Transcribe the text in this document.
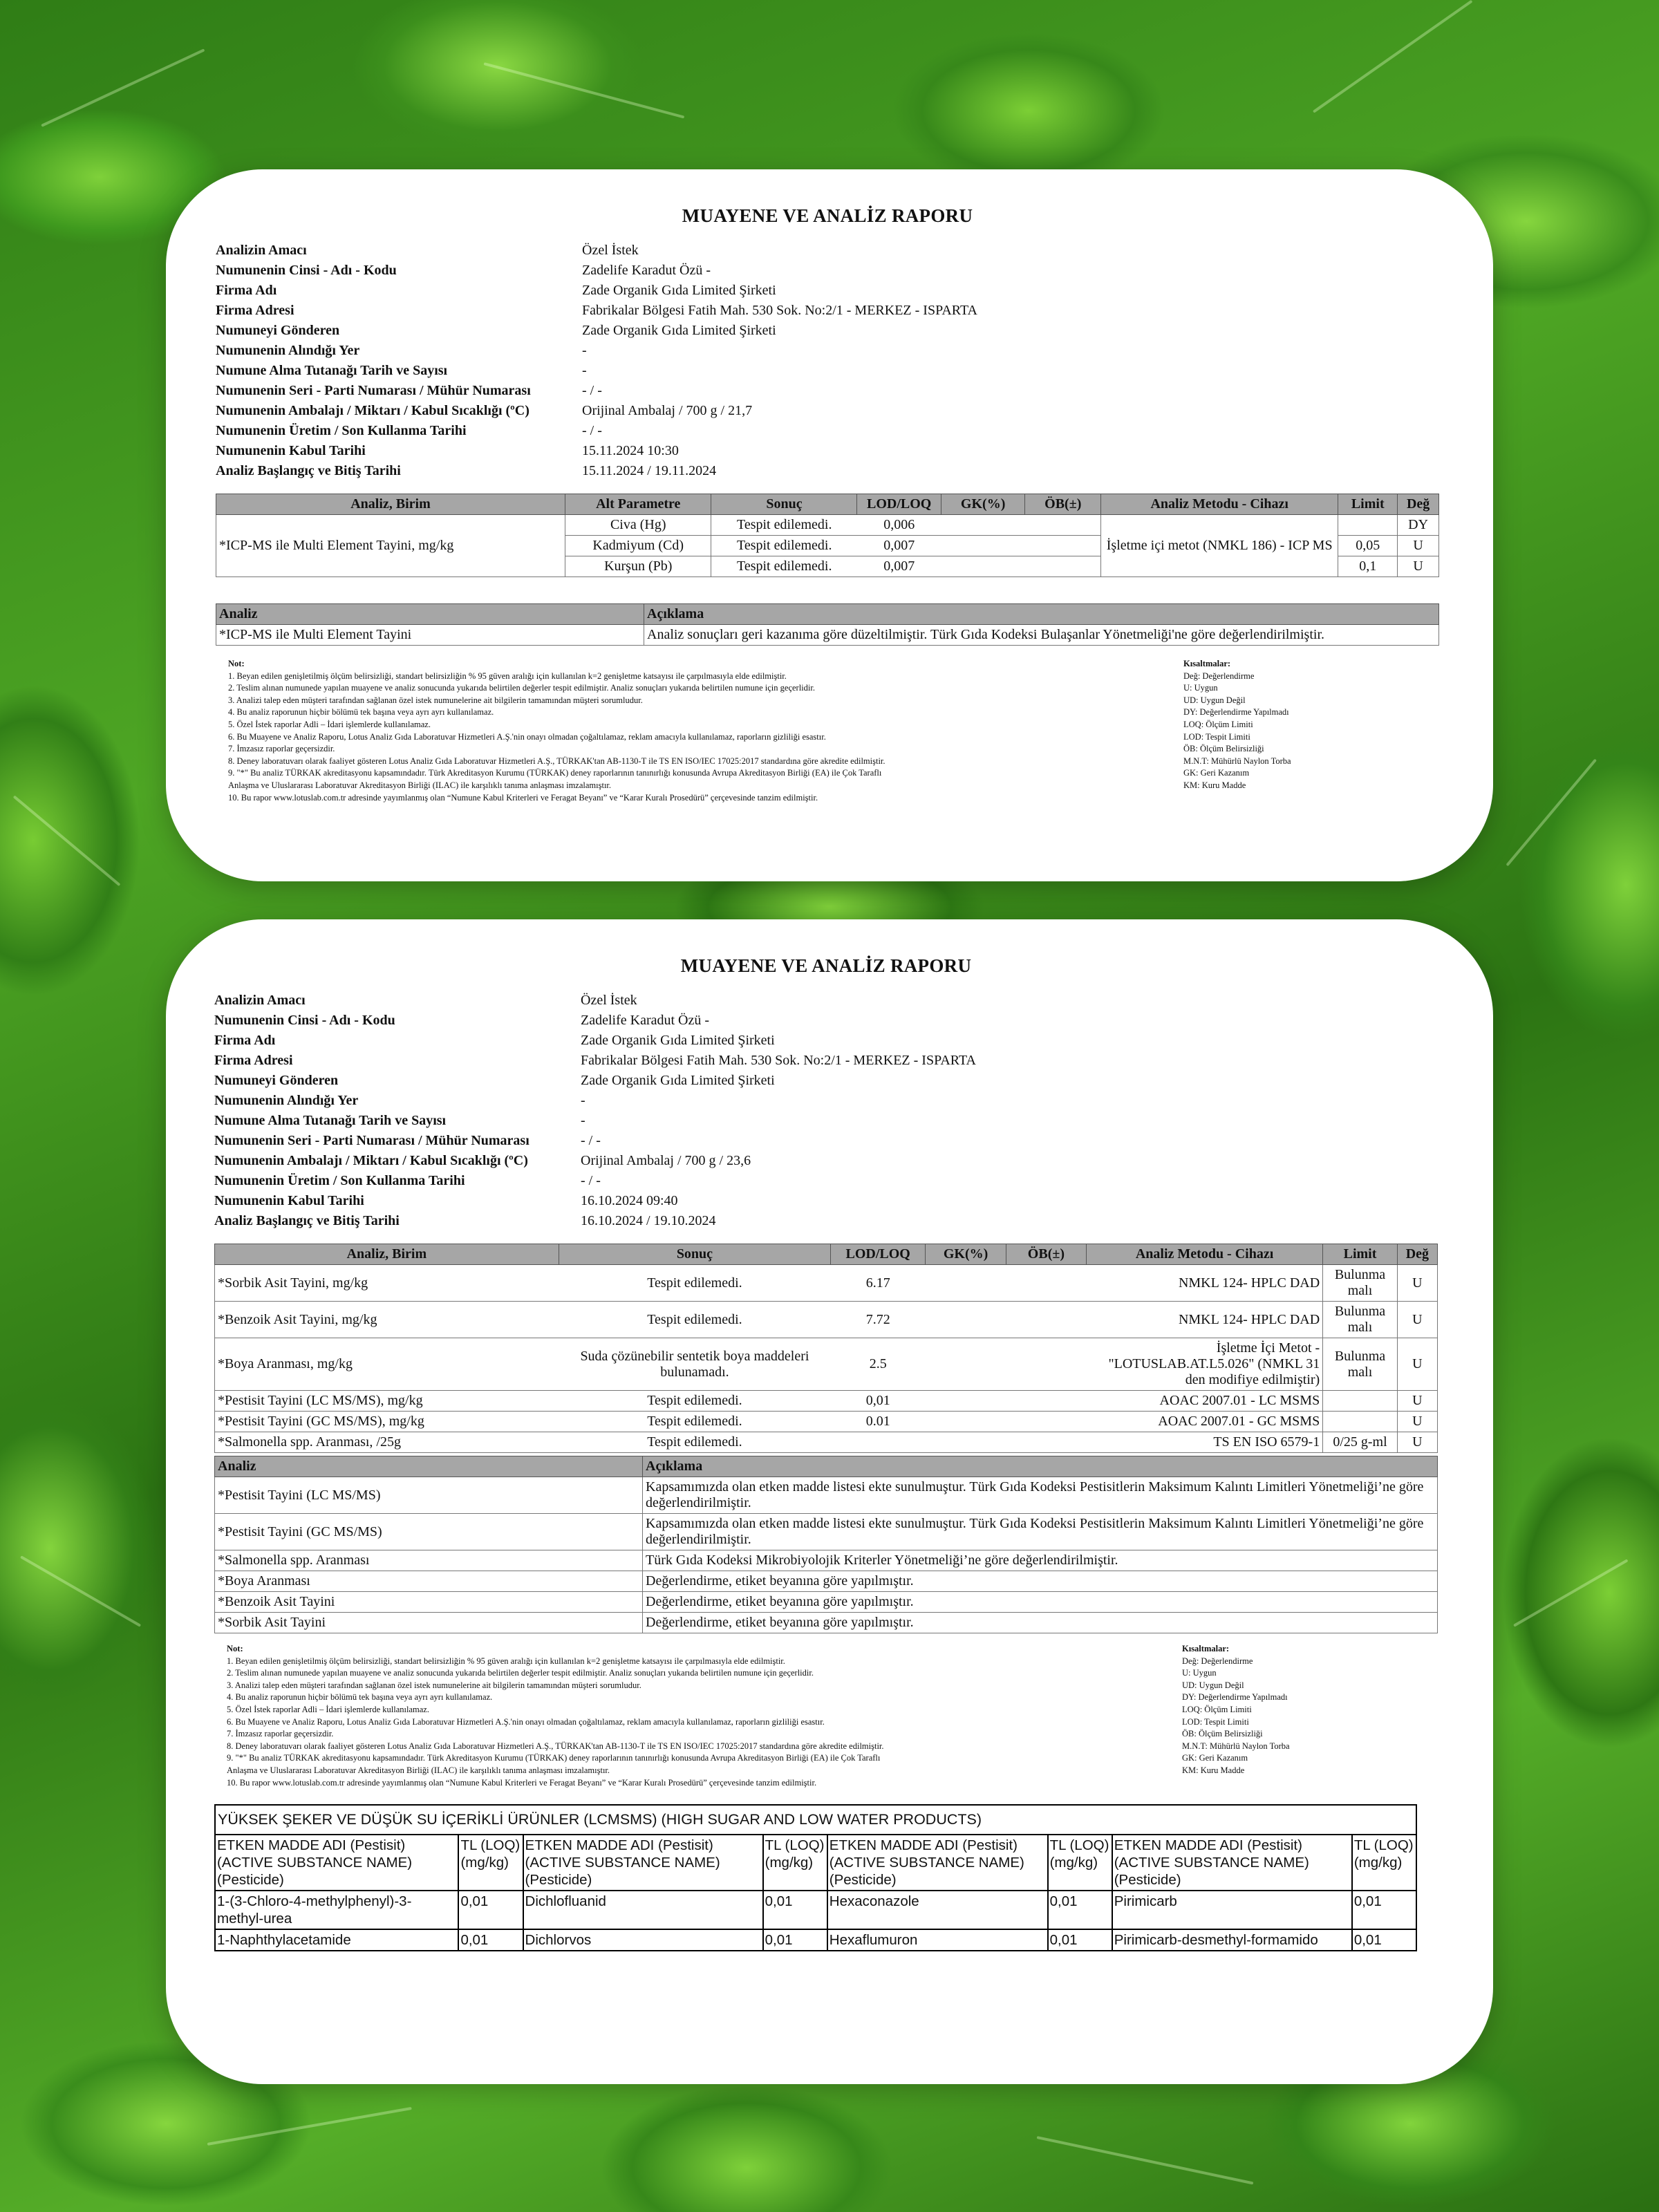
MUAYENE VE ANALİZ RAPORU
Analizin Amacı	Özel İstek
Numunenin Cinsi - Adı - Kodu	Zadelife Karadut Özü -
Firma Adı	Zade Organik Gıda Limited Şirketi
Firma Adresi	Fabrikalar Bölgesi Fatih Mah. 530 Sok. No:2/1 - MERKEZ - ISPARTA
Numuneyi Gönderen	Zade Organik Gıda Limited Şirketi
Numunenin Alındığı Yer	-
Numune Alma Tutanağı Tarih ve Sayısı	-
Numunenin Seri - Parti Numarası / Mühür Numarası	- / -
Numunenin Ambalajı / Miktarı / Kabul Sıcaklığı (ºC)	Orijinal Ambalaj / 700 g / 21,7
Numunenin Üretim / Son Kullanma Tarihi	- / -
Numunenin Kabul Tarihi	15.11.2024 10:30
Analiz Başlangıç ve Bitiş Tarihi	15.11.2024 / 19.11.2024
Analiz, Birim	Alt Parametre	Sonuç	LOD/LOQ	GK(%)	ÖB(±)	Analiz Metodu - Cihazı	Limit	Değ
*ICP-MS ile Multi Element Tayini, mg/kg	Civa (Hg)	Tespit edilemedi.	0,006			İşletme içi metot (NMKL 186) - ICP MS		DY
	Kadmiyum (Cd)	Tespit edilemedi.	0,007				0,05	U
	Kurşun (Pb)	Tespit edilemedi.	0,007				0,1	U
Analiz	Açıklama
*ICP-MS ile Multi Element Tayini	Analiz sonuçları geri kazanıma göre düzeltilmiştir. Türk Gıda Kodeksi Bulaşanlar Yönetmeliği'ne göre değerlendirilmiştir.
Not:
1. Beyan edilen genişletilmiş ölçüm belirsizliği, standart belirsizliğin % 95 güven aralığı için kullanılan k=2 genişletme katsayısı ile çarpılmasıyla elde edilmiştir.
2. Teslim alınan numunede yapılan muayene ve analiz sonucunda yukarıda belirtilen değerler tespit edilmiştir. Analiz sonuçları yukarıda belirtilen numune için geçerlidir.
3. Analizi talep eden müşteri tarafından sağlanan özel istek numunelerine ait bilgilerin tamamından müşteri sorumludur.
4. Bu analiz raporunun hiçbir bölümü tek başına veya ayrı ayrı kullanılamaz.
5. Özel İstek raporlar Adli – İdari işlemlerde kullanılamaz.
6. Bu Muayene ve Analiz Raporu, Lotus Analiz Gıda Laboratuvar Hizmetleri A.Ş.'nin onayı olmadan çoğaltılamaz, reklam amacıyla kullanılamaz, raporların gizliliği esastır.
7. İmzasız raporlar geçersizdir.
8. Deney laboratuvarı olarak faaliyet gösteren Lotus Analiz Gıda Laboratuvar Hizmetleri A.Ş., TÜRKAK'tan AB-1130-T ile TS EN ISO/IEC 17025:2017 standardına göre akredite edilmiştir.
9. "*" Bu analiz TÜRKAK akreditasyonu kapsamındadır. Türk Akreditasyon Kurumu (TÜRKAK) deney raporlarının tanınırlığı konusunda Avrupa Akreditasyon Birliği (EA) ile Çok Taraflı
Anlaşma ve Uluslararası Laboratuvar Akreditasyon Birliği (ILAC) ile karşılıklı tanıma anlaşması imzalamıştır.
10. Bu rapor www.lotuslab.com.tr adresinde yayımlanmış olan “Numune Kabul Kriterleri ve Feragat Beyanı” ve “Karar Kuralı Prosedürü” çerçevesinde tanzim edilmiştir.
Kısaltmalar:
Değ: Değerlendirme
U: Uygun
UD: Uygun Değil
DY: Değerlendirme Yapılmadı
LOQ: Ölçüm Limiti
LOD: Tespit Limiti
ÖB: Ölçüm Belirsizliği
M.N.T: Mühürlü Naylon Torba
GK: Geri Kazanım
KM: Kuru Madde
MUAYENE VE ANALİZ RAPORU
Analizin Amacı	Özel İstek
Numunenin Cinsi - Adı - Kodu	Zadelife Karadut Özü -
Firma Adı	Zade Organik Gıda Limited Şirketi
Firma Adresi	Fabrikalar Bölgesi Fatih Mah. 530 Sok. No:2/1 - MERKEZ - ISPARTA
Numuneyi Gönderen	Zade Organik Gıda Limited Şirketi
Numunenin Alındığı Yer	-
Numune Alma Tutanağı Tarih ve Sayısı	-
Numunenin Seri - Parti Numarası / Mühür Numarası	- / -
Numunenin Ambalajı / Miktarı / Kabul Sıcaklığı (ºC)	Orijinal Ambalaj / 700 g / 23,6
Numunenin Üretim / Son Kullanma Tarihi	- / -
Numunenin Kabul Tarihi	16.10.2024 09:40
Analiz Başlangıç ve Bitiş Tarihi	16.10.2024 / 19.10.2024
Analiz, Birim	Sonuç	LOD/LOQ	GK(%)	ÖB(±)	Analiz Metodu - Cihazı	Limit	Değ
*Sorbik Asit Tayini, mg/kg	Tespit edilemedi.	6.17			NMKL 124- HPLC DAD	Bulunma malı	U
*Benzoik Asit Tayini, mg/kg	Tespit edilemedi.	7.72			NMKL 124- HPLC DAD	Bulunma malı	U
*Boya Aranması, mg/kg	Suda çözünebilir sentetik boya maddeleri bulunamadı.	2.5			İşletme İçi Metot - "LOTUSLAB.AT.L5.026" (NMKL 31 den modifiye edilmiştir)	Bulunma malı	U
*Pestisit Tayini (LC MS/MS), mg/kg	Tespit edilemedi.	0,01			AOAC 2007.01 - LC MSMS		U
*Pestisit Tayini (GC MS/MS), mg/kg	Tespit edilemedi.	0.01			AOAC 2007.01 - GC MSMS		U
*Salmonella spp. Aranması, /25g	Tespit edilemedi.				TS EN ISO 6579-1	0/25 g-ml	U
Analiz	Açıklama
*Pestisit Tayini (LC MS/MS)	Kapsamımızda olan etken madde listesi ekte sunulmuştur. Türk Gıda Kodeksi Pestisitlerin Maksimum Kalıntı Limitleri Yönetmeliği’ne göre değerlendirilmiştir.
*Pestisit Tayini (GC MS/MS)	Kapsamımızda olan etken madde listesi ekte sunulmuştur. Türk Gıda Kodeksi Pestisitlerin Maksimum Kalıntı Limitleri Yönetmeliği’ne göre değerlendirilmiştir.
*Salmonella spp. Aranması	Türk Gıda Kodeksi Mikrobiyolojik Kriterler Yönetmeliği’ne göre değerlendirilmiştir.
*Boya Aranması	Değerlendirme, etiket beyanına göre yapılmıştır.
*Benzoik Asit Tayini	Değerlendirme, etiket beyanına göre yapılmıştır.
*Sorbik Asit Tayini	Değerlendirme, etiket beyanına göre yapılmıştır.
Not:
1. Beyan edilen genişletilmiş ölçüm belirsizliği, standart belirsizliğin % 95 güven aralığı için kullanılan k=2 genişletme katsayısı ile çarpılmasıyla elde edilmiştir.
2. Teslim alınan numunede yapılan muayene ve analiz sonucunda yukarıda belirtilen değerler tespit edilmiştir. Analiz sonuçları yukarıda belirtilen numune için geçerlidir.
3. Analizi talep eden müşteri tarafından sağlanan özel istek numunelerine ait bilgilerin tamamından müşteri sorumludur.
4. Bu analiz raporunun hiçbir bölümü tek başına veya ayrı ayrı kullanılamaz.
5. Özel İstek raporlar Adli – İdari işlemlerde kullanılamaz.
6. Bu Muayene ve Analiz Raporu, Lotus Analiz Gıda Laboratuvar Hizmetleri A.Ş.'nin onayı olmadan çoğaltılamaz, reklam amacıyla kullanılamaz, raporların gizliliği esastır.
7. İmzasız raporlar geçersizdir.
8. Deney laboratuvarı olarak faaliyet gösteren Lotus Analiz Gıda Laboratuvar Hizmetleri A.Ş., TÜRKAK'tan AB-1130-T ile TS EN ISO/IEC 17025:2017 standardına göre akredite edilmiştir.
9. "*" Bu analiz TÜRKAK akreditasyonu kapsamındadır. Türk Akreditasyon Kurumu (TÜRKAK) deney raporlarının tanınırlığı konusunda Avrupa Akreditasyon Birliği (EA) ile Çok Taraflı
Anlaşma ve Uluslararası Laboratuvar Akreditasyon Birliği (ILAC) ile karşılıklı tanıma anlaşması imzalamıştır.
10. Bu rapor www.lotuslab.com.tr adresinde yayımlanmış olan “Numune Kabul Kriterleri ve Feragat Beyanı” ve “Karar Kuralı Prosedürü” çerçevesinde tanzim edilmiştir.
Kısaltmalar:
Değ: Değerlendirme
U: Uygun
UD: Uygun Değil
DY: Değerlendirme Yapılmadı
LOQ: Ölçüm Limiti
LOD: Tespit Limiti
ÖB: Ölçüm Belirsizliği
M.N.T: Mühürlü Naylon Torba
GK: Geri Kazanım
KM: Kuru Madde
YÜKSEK ŞEKER VE DÜŞÜK SU İÇERİKLİ ÜRÜNLER (LCMSMS) (HIGH SUGAR AND LOW WATER PRODUCTS)							
ETKEN MADDE ADI (Pestisit) (ACTIVE SUBSTANCE NAME) (Pesticide)	TL (LOQ) (mg/kg)	ETKEN MADDE ADI (Pestisit) (ACTIVE SUBSTANCE NAME) (Pesticide)	TL (LOQ) (mg/kg)	ETKEN MADDE ADI (Pestisit) (ACTIVE SUBSTANCE NAME) (Pesticide)	TL (LOQ) (mg/kg)	ETKEN MADDE ADI (Pestisit) (ACTIVE SUBSTANCE NAME) (Pesticide)	TL (LOQ) (mg/kg)
1-(3-Chloro-4-methylphenyl)-3-methyl-urea	0,01	Dichlofluanid	0,01	Hexaconazole	0,01	Pirimicarb	0,01
1-Naphthylacetamide	0,01	Dichlorvos	0,01	Hexaflumuron	0,01	Pirimicarb-desmethyl-formamido	0,01
